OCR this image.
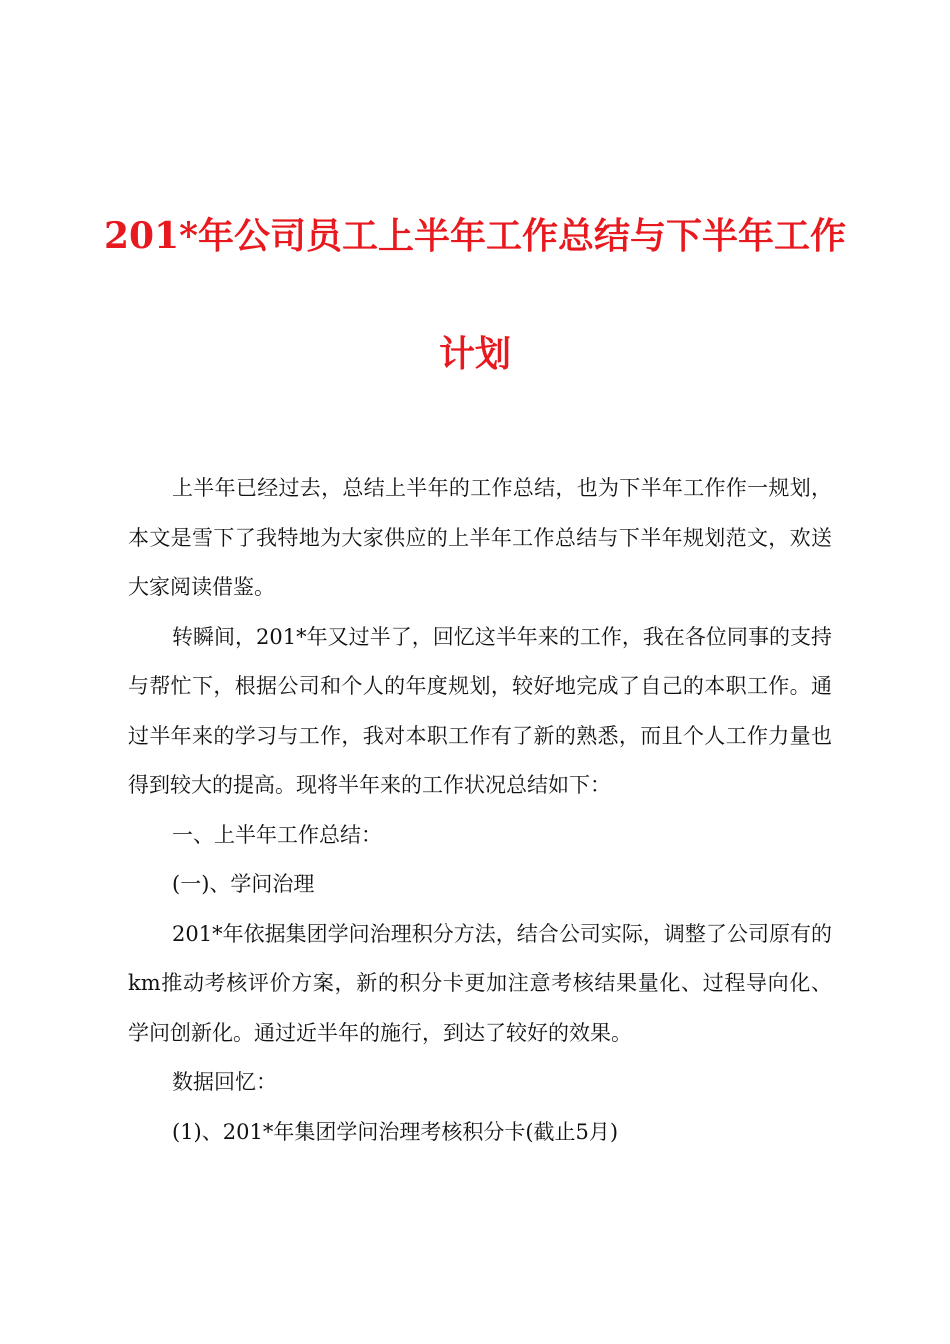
201*年公司员工上半年工作总结与下半年工作
计划

上半年已经过去，总结上半年的工作总结，也为下半年工作作一规划，本文是雪下了我特地为大家供应的上半年工作总结与下半年规划范文，欢送大家阅读借鉴。

转瞬间，201*年又过半了，回忆这半年来的工作，我在各位同事的支持与帮忙下，根据公司和个人的年度规划，较好地完成了自己的本职工作。通过半年来的学习与工作，我对本职工作有了新的熟悉，而且个人工作力量也得到较大的提高。现将半年来的工作状况总结如下：

一、上半年工作总结：

(一)、学问治理

201*年依据集团学问治理积分方法，结合公司实际，调整了公司原有的km推动考核评价方案，新的积分卡更加注意考核结果量化、过程导向化、学问创新化。通过近半年的施行，到达了较好的效果。

数据回忆：

(1)、201*年集团学问治理考核积分卡(截止5月)
